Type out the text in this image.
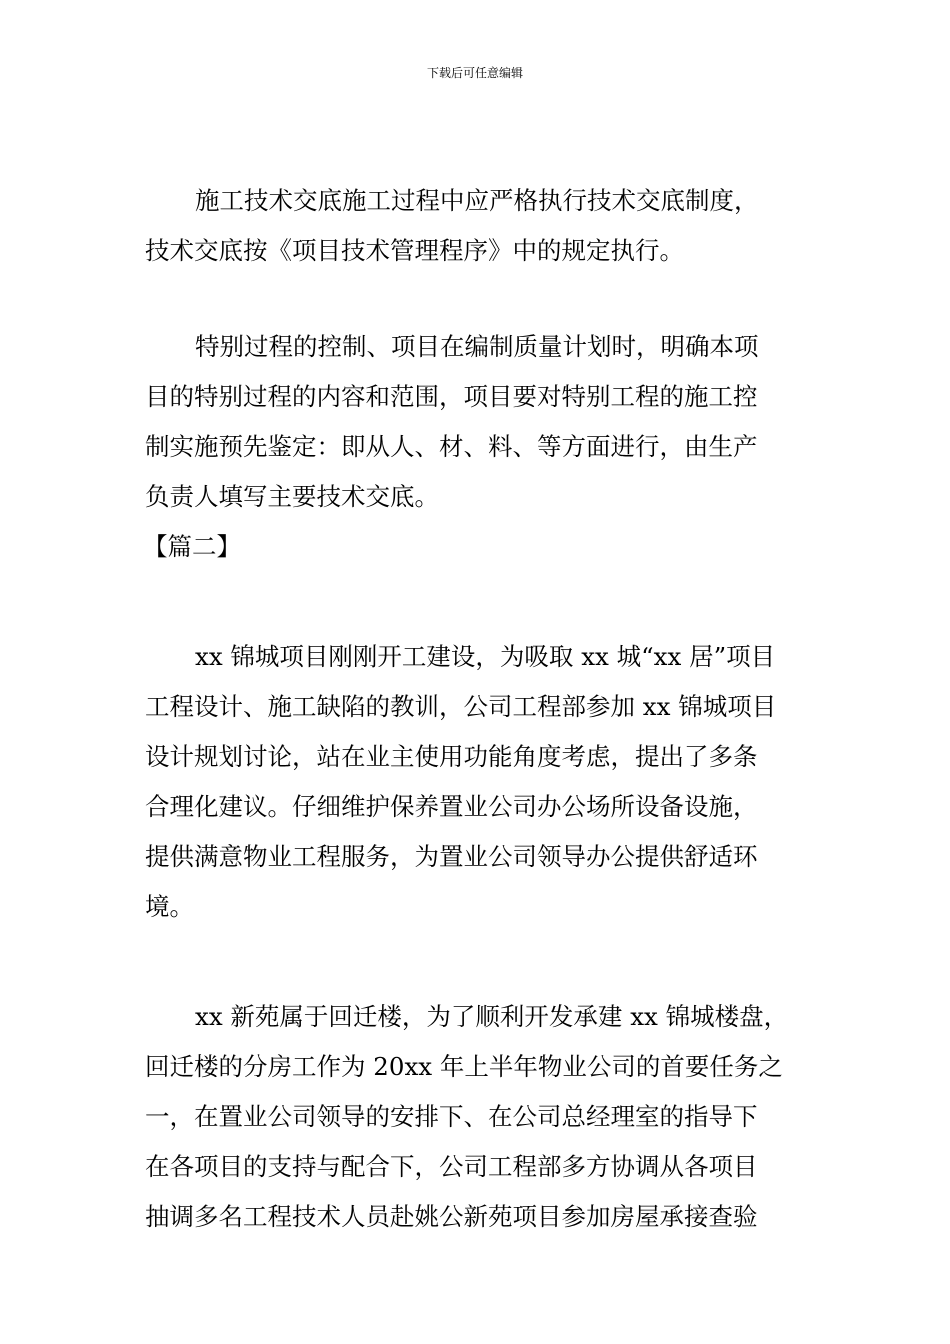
下载后可任意编辑
施工技术交底施工过程中应严格执行技术交底制度，
技术交底按《项目技术管理程序》中的规定执行。
特别过程的控制、项目在编制质量计划时，明确本项
目的特别过程的内容和范围，项目要对特别工程的施工控
制实施预先鉴定：即从人、材、料、等方面进行，由生产
负责人填写主要技术交底。
【篇二】
xx 锦城项目刚刚开工建设，为吸取 xx 城“xx 居”项目
工程设计、施工缺陷的教训，公司工程部参加 xx 锦城项目
设计规划讨论，站在业主使用功能角度考虑，提出了多条
合理化建议。仔细维护保养置业公司办公场所设备设施，
提供满意物业工程服务，为置业公司领导办公提供舒适环
境。
xx 新苑属于回迁楼，为了顺利开发承建 xx 锦城楼盘，
回迁楼的分房工作为 20xx 年上半年物业公司的首要任务之
一，在置业公司领导的安排下、在公司总经理室的指导下
在各项目的支持与配合下，公司工程部多方协调从各项目
抽调多名工程技术人员赴姚公新苑项目参加房屋承接查验
